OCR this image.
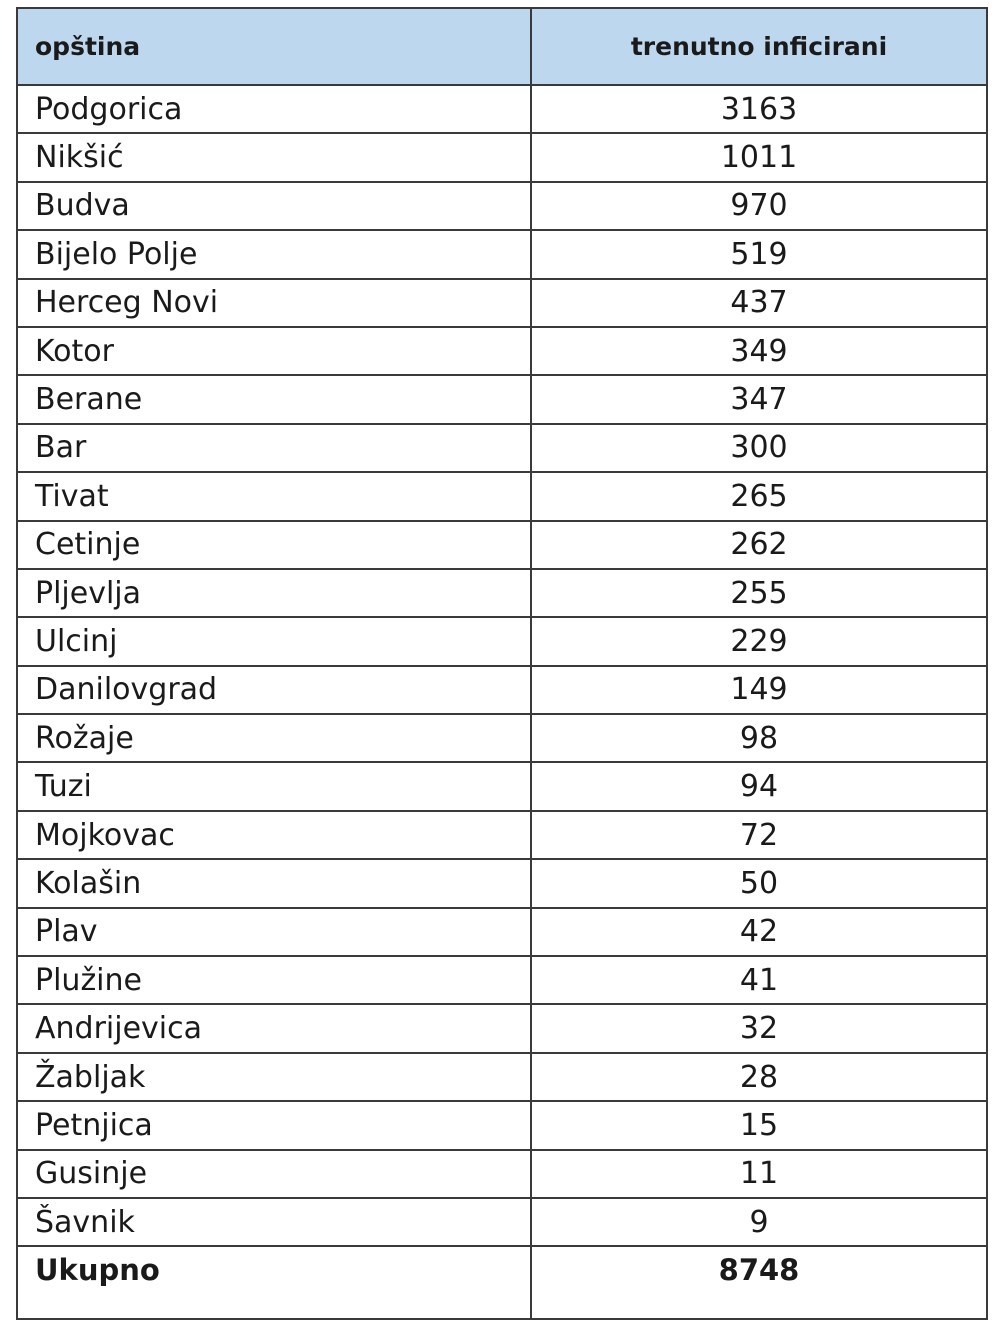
opština	trenutno inficirani
Podgorica	3163
Nikšić	1011
Budva	970
Bijelo Polje	519
Herceg Novi	437
Kotor	349
Berane	347
Bar	300
Tivat	265
Cetinje	262
Pljevlja	255
Ulcinj	229
Danilovgrad	149
Rožaje	98
Tuzi	94
Mojkovac	72
Kolašin	50
Plav	42
Plužine	41
Andrijevica	32
Žabljak	28
Petnjica	15
Gusinje	11
Šavnik	9
Ukupno	8748
